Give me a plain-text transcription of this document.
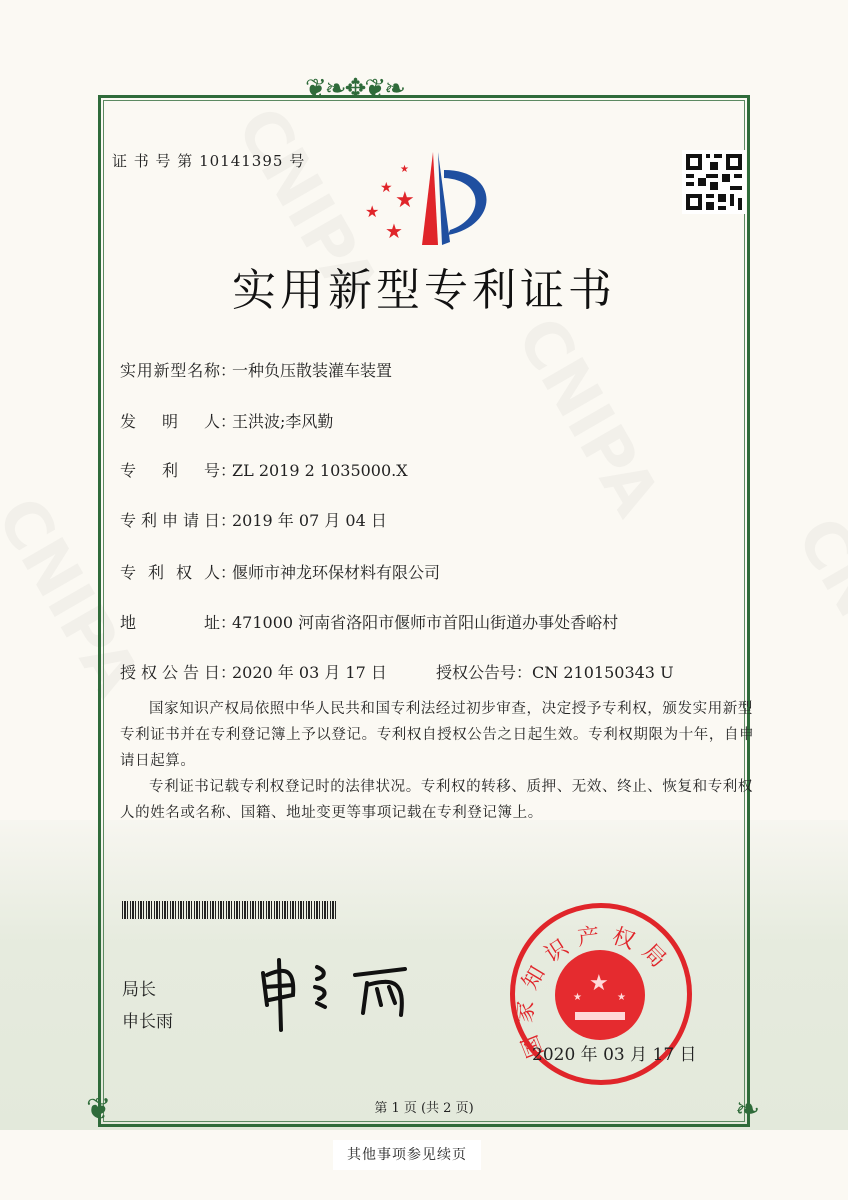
❦❧✥❦❧
❦	❧
证 书 号 第 10141395 号	★
★ ★
★
★
实用新型专利证书
实用新型名称：一种负压散装灌车装置
发明人：王洪波;李风勤
专利号：ZL 2019 2 1035000.X
专利申请日：2019 年 07 月 04 日
专利权人：偃师市神龙环保材料有限公司
地址：471000 河南省洛阳市偃师市首阳山街道办事处香峪村
授权公告日：2020 年 03 月 17 日	授权公告号：CN 210150343 U

国家知识产权局依照中华人民共和国专利法经过初步审查，决定授予专利权，颁发实用新型专利证书并在专利登记簿上予以登记。专利权自授权公告之日起生效。专利权期限为十年，自申请日起算。

专利证书记载专利权登记时的法律状况。专利权的转移、质押、无效、终止、恢复和专利权人的姓名或名称、国籍、地址变更等事项记载在专利登记簿上。

局长
申长雨
★
★	★
国家知识产权局
2020 年 03 月 17 日
第 1 页 (共 2 页)
其他事项参见续页
